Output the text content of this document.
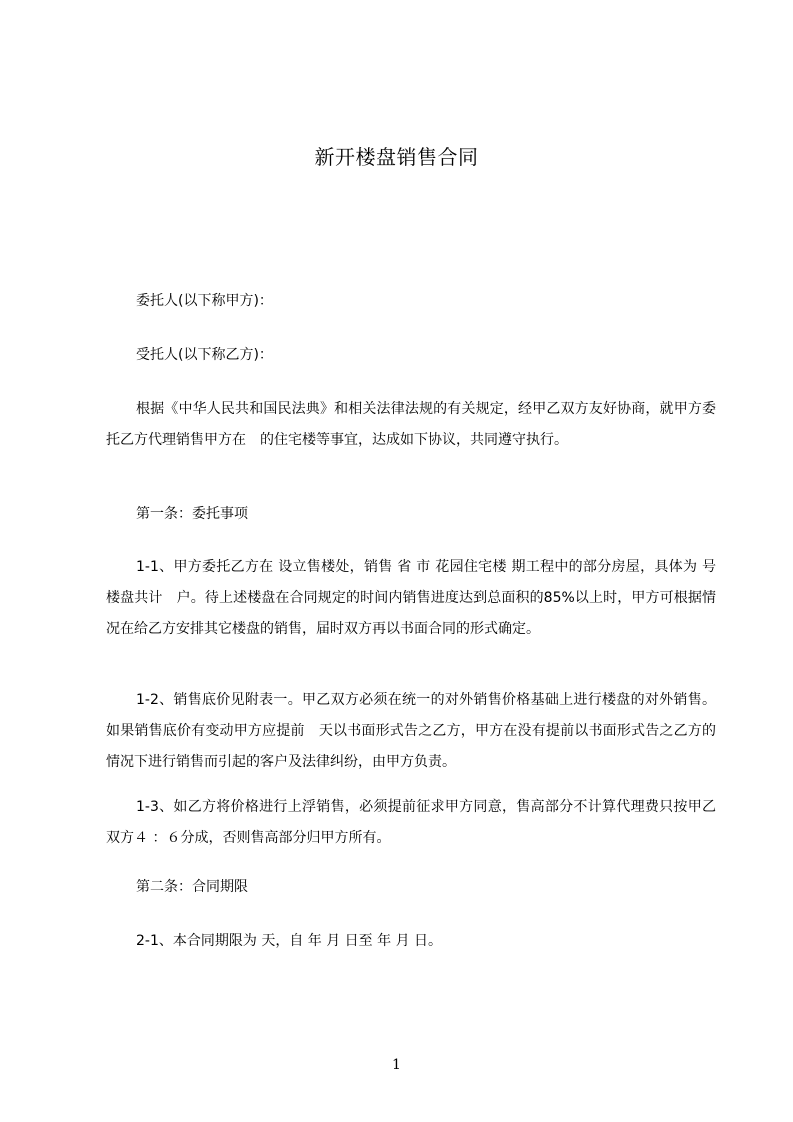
新开楼盘销售合同
委托人(以下称甲方)：
受托人(以下称乙方)：
根据《中华人民共和国民法典》和相关法律法规的有关规定，经甲乙双方友好协商，就甲方委托乙方代理销售甲方在　的住宅楼等事宜，达成如下协议，共同遵守执行。
第一条：委托事项
1-1、甲方委托乙方在 设立售楼处，销售 省 市 花园住宅楼 期工程中的部分房屋，具体为 号楼盘共计　户。待上述楼盘在合同规定的时间内销售进度达到总面积的85%以上时，甲方可根据情况在给乙方安排其它楼盘的销售，届时双方再以书面合同的形式确定。
1-2、销售底价见附表一。甲乙双方必须在统一的对外销售价格基础上进行楼盘的对外销售。如果销售底价有变动甲方应提前　天以书面形式告之乙方，甲方在没有提前以书面形式告之乙方的情况下进行销售而引起的客户及法律纠纷，由甲方负责。
1-3、如乙方将价格进行上浮销售，必须提前征求甲方同意，售高部分不计算代理费只按甲乙双方４ ：６分成，否则售高部分归甲方所有。
第二条：合同期限
2-1、本合同期限为 天，自 年 月 日至 年 月 日。
1
